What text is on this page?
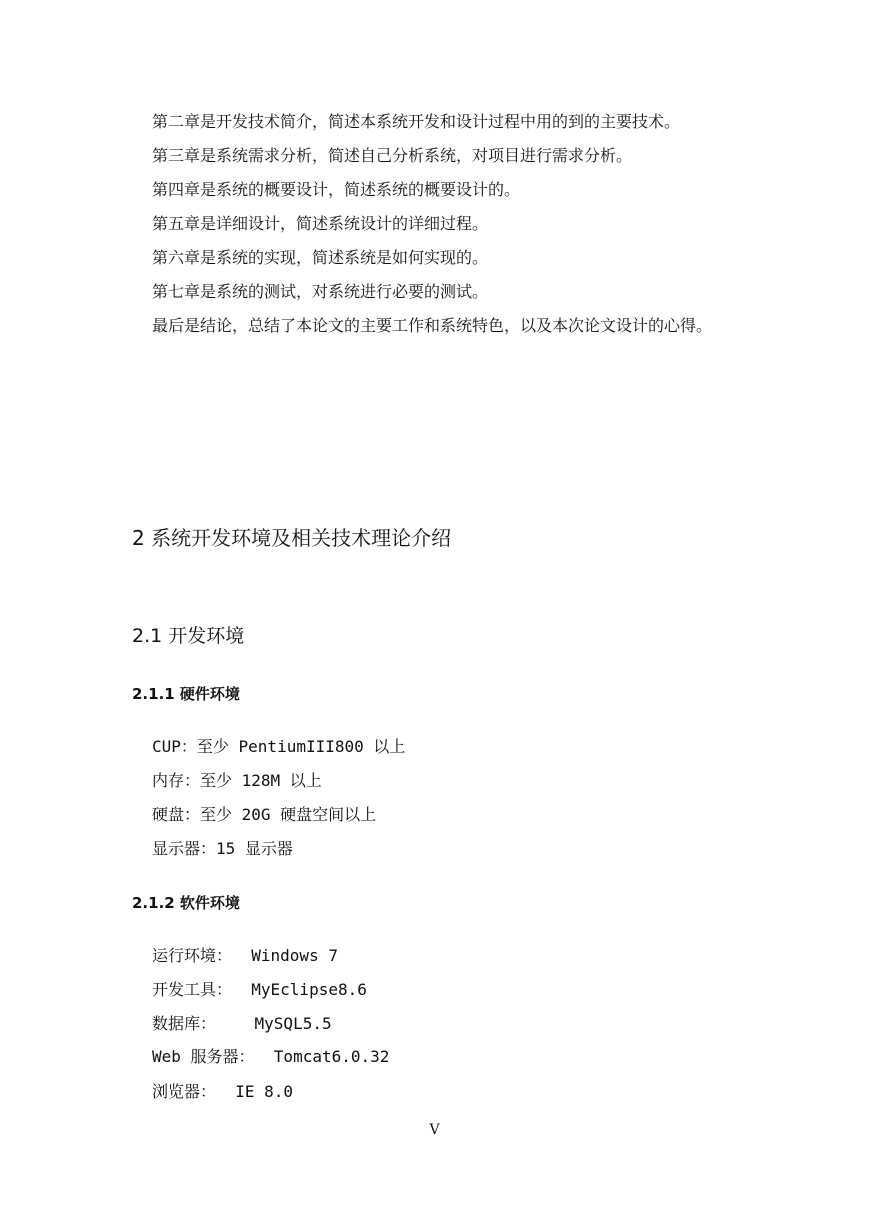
第二章是开发技术简介，简述本系统开发和设计过程中用的到的主要技术。
第三章是系统需求分析，简述自己分析系统，对项目进行需求分析。
第四章是系统的概要设计，简述系统的概要设计的。
第五章是详细设计，简述系统设计的详细过程。
第六章是系统的实现，简述系统是如何实现的。
第七章是系统的测试，对系统进行必要的测试。
最后是结论，总结了本论文的主要工作和系统特色，以及本次论文设计的心得。
2 系统开发环境及相关技术理论介绍
2.1 开发环境
2.1.1 硬件环境
CUP：至少 PentiumIII800 以上
内存：至少 128M 以上
硬盘：至少 20G 硬盘空间以上
显示器：15 显示器
2.1.2 软件环境
运行环境：  Windows 7
开发工具：  MyEclipse8.6
数据库：    MySQL5.5
Web 服务器：  Tomcat6.0.32
浏览器：  IE 8.0
V
